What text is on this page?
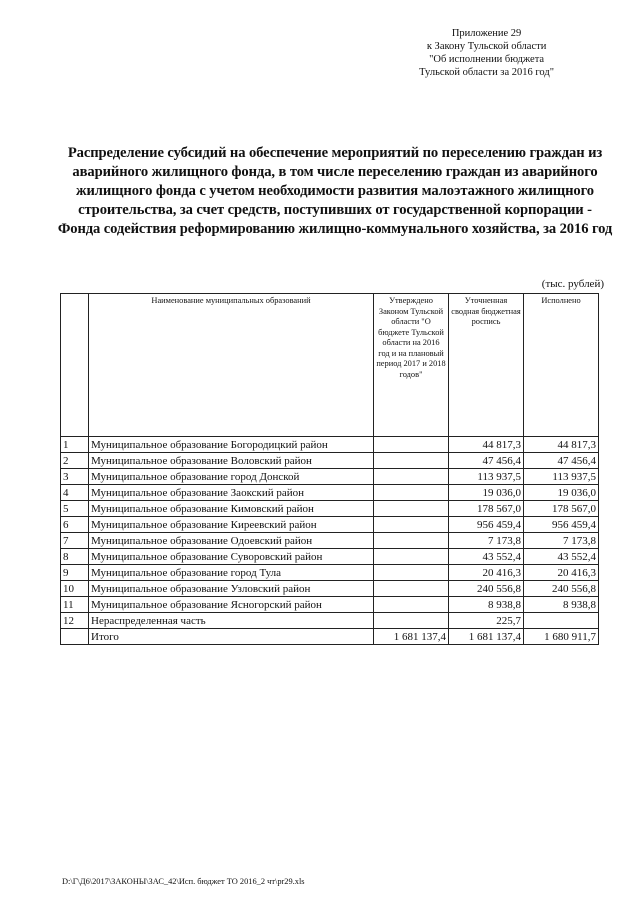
Приложение 29
к Закону Тульской области
"Об исполнении бюджета
Тульской области за 2016 год"
Распределение субсидий на обеспечение мероприятий по переселению граждан из аварийного жилищного фонда, в том числе переселению граждан из аварийного жилищного фонда с учетом необходимости развития малоэтажного жилищного строительства, за счет средств, поступивших от государственной корпорации - Фонда содействия реформированию жилищно-коммунального хозяйства, за 2016 год
(тыс. рублей)
	Наименование муниципальных образований	Утверждено Законом Тульской области "О бюджете Тульской области на 2016 год и на плановый период 2017 и 2018 годов"	Уточненная сводная бюджетная роспись	Исполнено
1	Муниципальное образование Богородицкий район		44 817,3	44 817,3
2	Муниципальное образование Воловский район		47 456,4	47 456,4
3	Муниципальное образование город Донской		113 937,5	113 937,5
4	Муниципальное образование Заокский район		19 036,0	19 036,0
5	Муниципальное образование Кимовский район		178 567,0	178 567,0
6	Муниципальное образование Киреевский район		956 459,4	956 459,4
7	Муниципальное образование Одоевский район		7 173,8	7 173,8
8	Муниципальное образование Суворовский район		43 552,4	43 552,4
9	Муниципальное образование город Тула		20 416,3	20 416,3
10	Муниципальное образование Узловский район		240 556,8	240 556,8
11	Муниципальное образование Ясногорский район		8 938,8	8 938,8
12	Нераспределенная часть		225,7	
	Итого	1 681 137,4	1 681 137,4	1 680 911,7
D:\Г\Д6\2017\ЗАКОНЫ\ЗАС_42\Исп. бюджет ТО 2016_2 чт\pr29.xls
